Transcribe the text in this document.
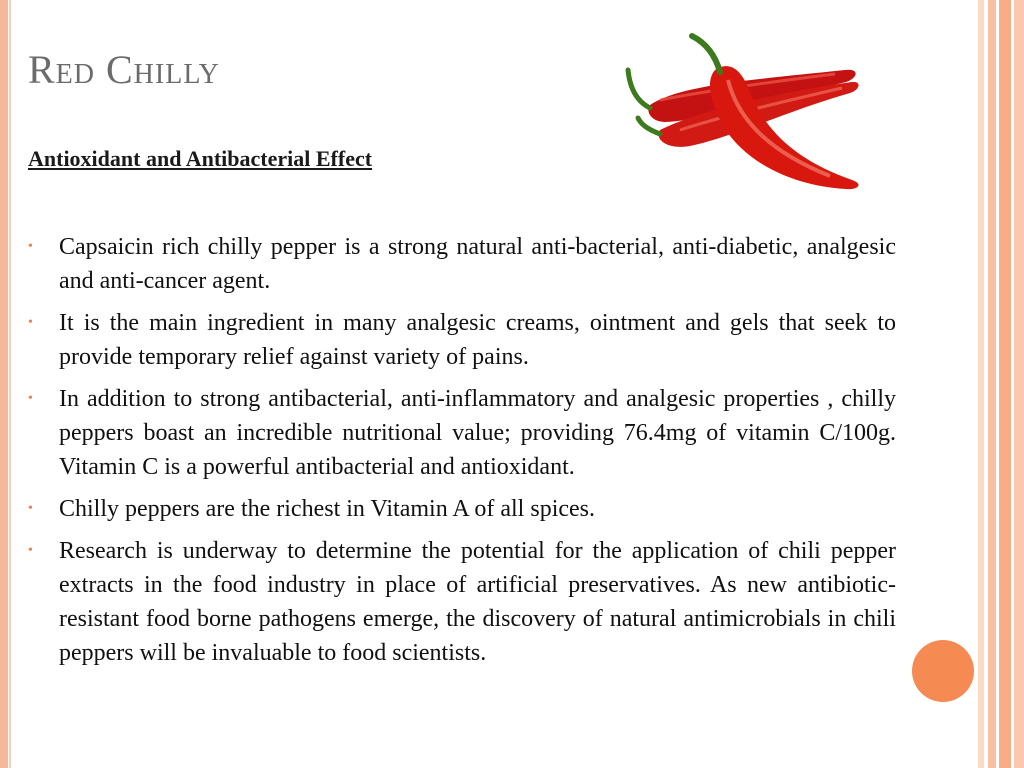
Red Chilly
Antioxidant and Antibacterial Effect
• Capsaicin rich chilly pepper is a strong natural anti-bacterial, anti-diabetic, analgesic and anti-cancer agent.
• It is the main ingredient in many analgesic creams, ointment and gels that seek to provide temporary relief against variety of pains.
• In addition to strong antibacterial, anti-inflammatory and analgesic properties , chilly peppers boast an incredible nutritional value; providing 76.4mg of vitamin C/100g. Vitamin C is a powerful antibacterial and antioxidant.
• Chilly peppers are the richest in Vitamin A of all spices.
• Research is underway to determine the potential for the application of chili pepper extracts in the food industry in place of artificial preservatives. As new antibiotic-resistant food borne pathogens emerge, the discovery of natural antimicrobials in chili peppers will be invaluable to food scientists.
